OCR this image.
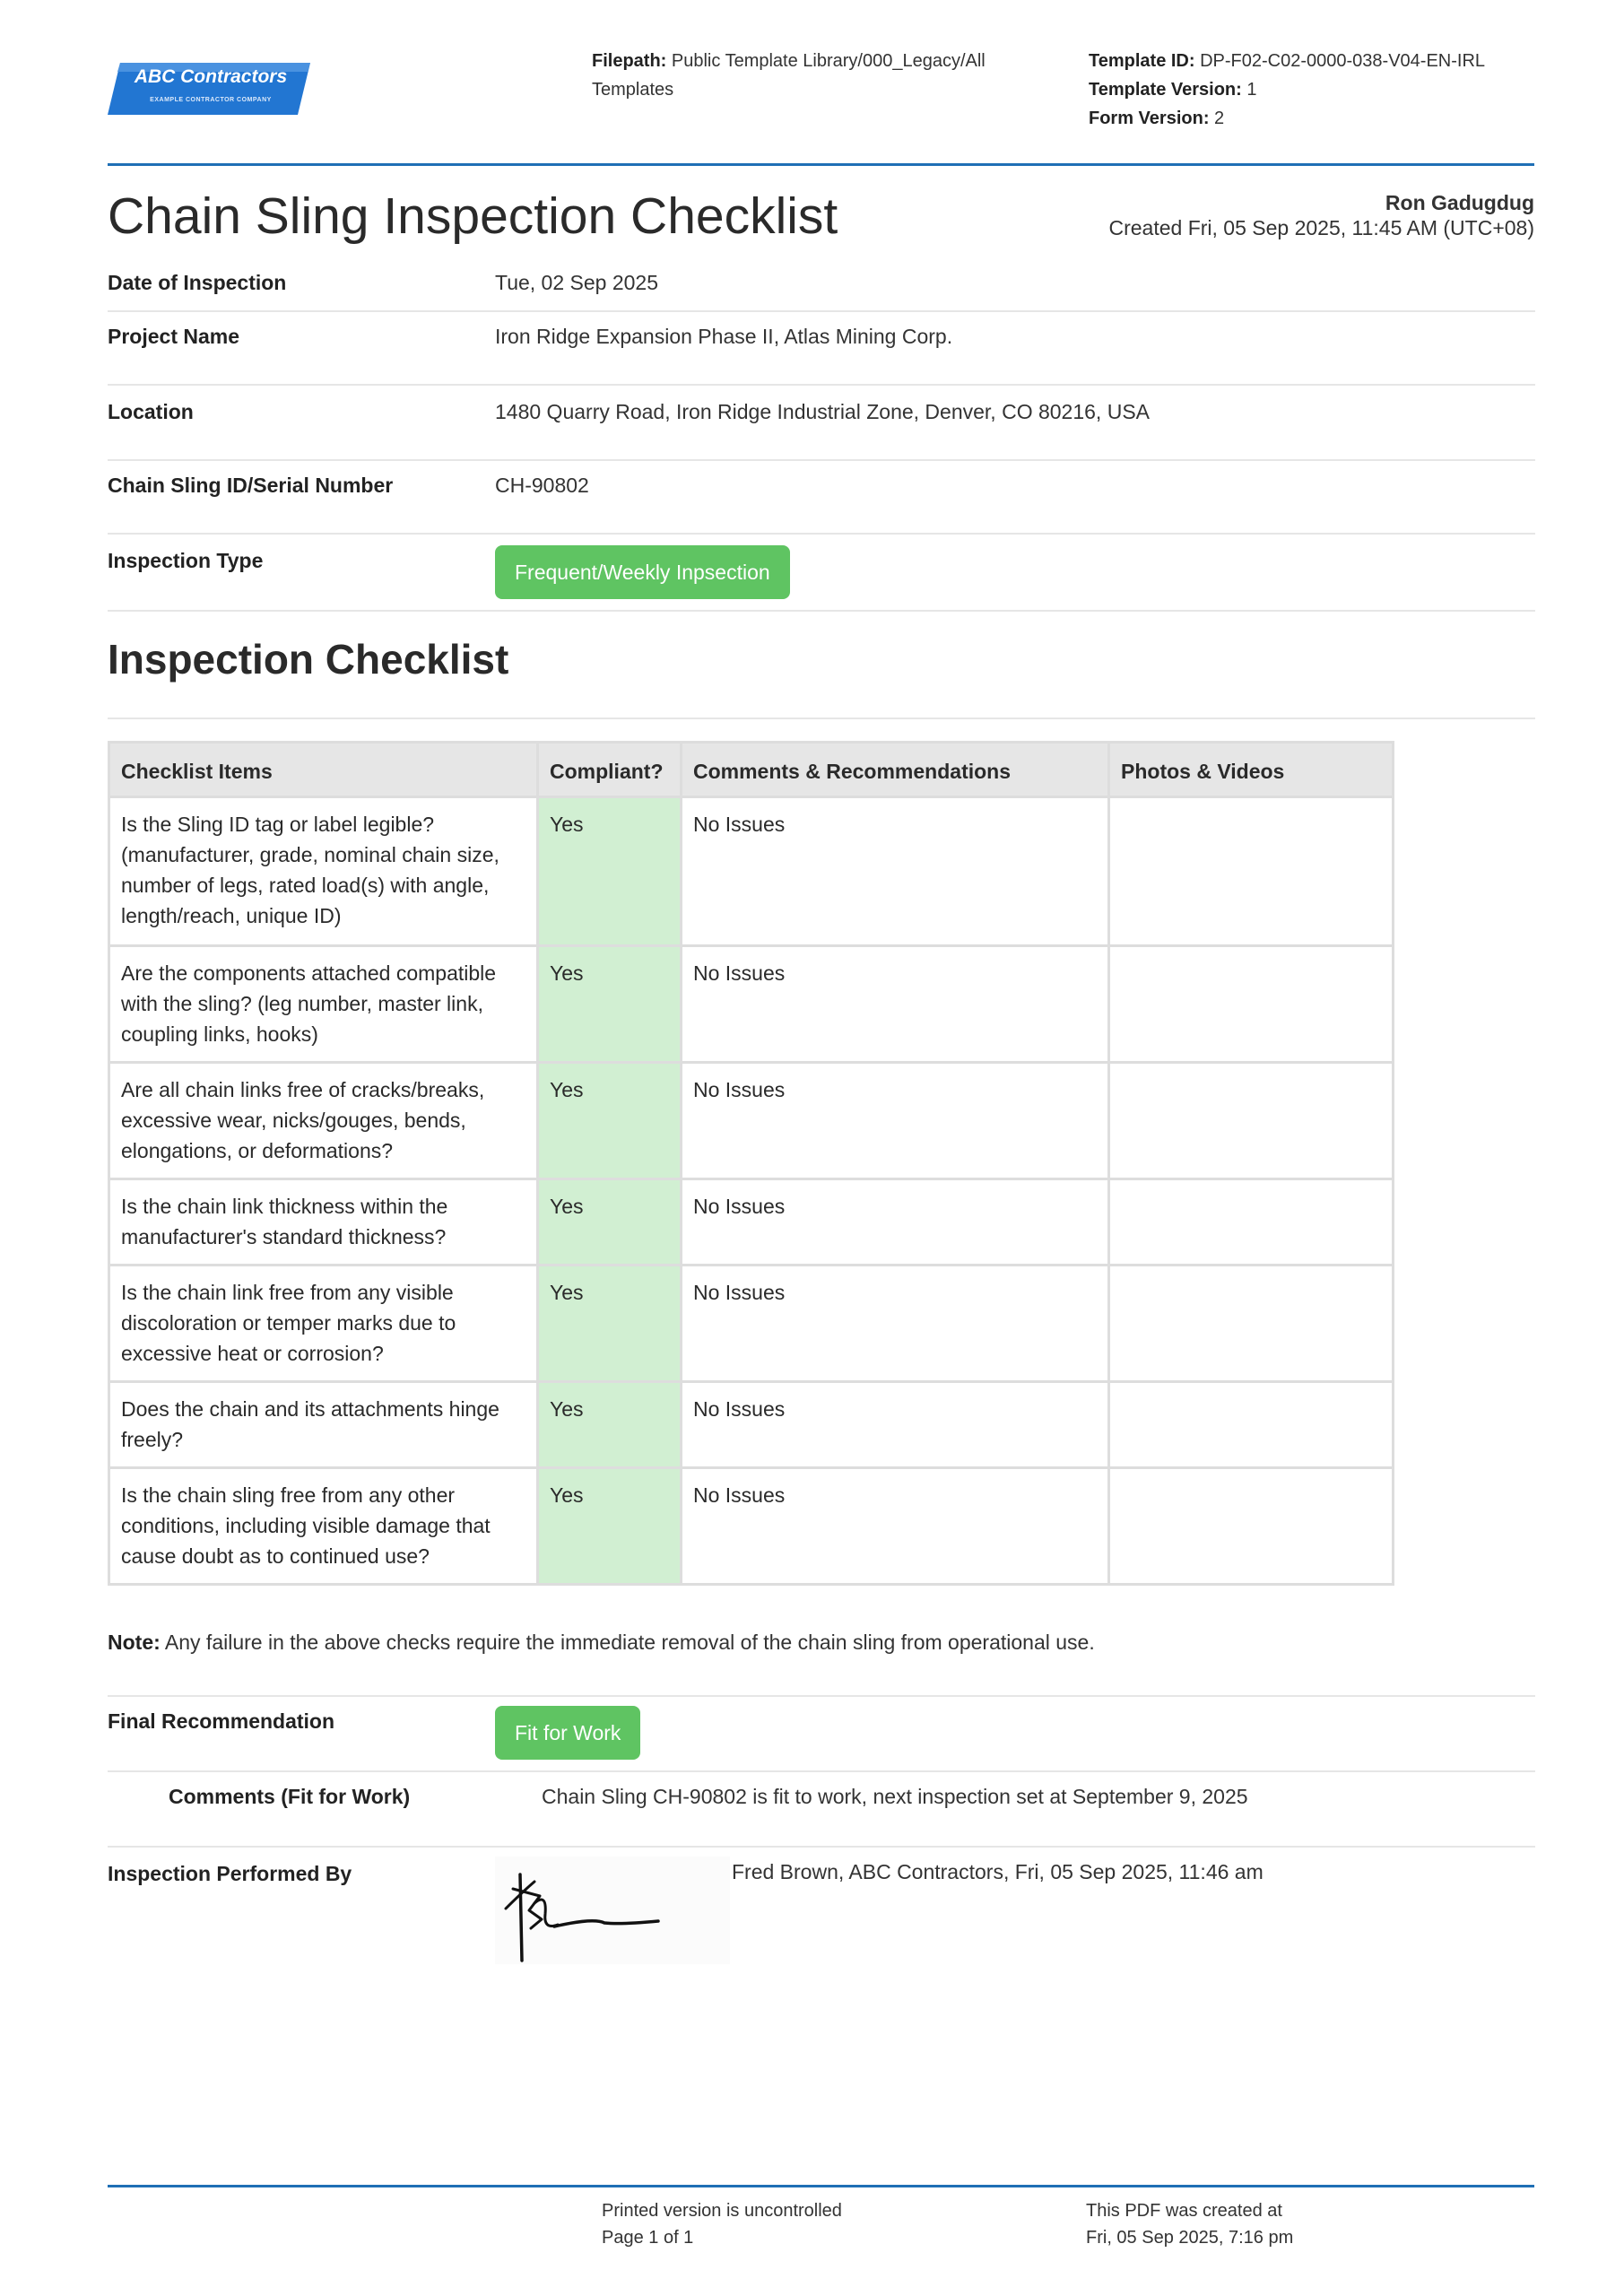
ABC Contractors
EXAMPLE CONTRACTOR COMPANY
Filepath: Public Template Library/000_Legacy/All Templates
Template ID: DP-F02-C02-0000-038-V04-EN-IRL
Template Version: 1
Form Version: 2
Chain Sling Inspection Checklist	Ron Gadugdug
Created Fri, 05 Sep 2025, 11:45 AM (UTC+08)
Date of Inspection	Tue, 02 Sep 2025
Project Name	Iron Ridge Expansion Phase II, Atlas Mining Corp.
Location	1480 Quarry Road, Iron Ridge Industrial Zone, Denver, CO 80216, USA
Chain Sling ID/Serial Number	CH-90802
Inspection Type	Frequent/Weekly Inpsection
Inspection Checklist
Checklist Items	Compliant?	Comments & Recommendations	Photos & Videos
Is the Sling ID tag or label legible? (manufacturer, grade, nominal chain size, number of legs, rated load(s) with angle, length/reach, unique ID)	Yes	No Issues	
Are the components attached compatible with the sling? (leg number, master link, coupling links, hooks)	Yes	No Issues	
Are all chain links free of cracks/breaks, excessive wear, nicks/gouges, bends, elongations, or deformations?	Yes	No Issues	
Is the chain link thickness within the manufacturer's standard thickness?	Yes	No Issues	
Is the chain link free from any visible discoloration or temper marks due to excessive heat or corrosion?	Yes	No Issues	
Does the chain and its attachments hinge freely?	Yes	No Issues	
Is the chain sling free from any other conditions, including visible damage that cause doubt as to continued use?	Yes	No Issues	
Note: Any failure in the above checks require the immediate removal of the chain sling from operational use.
Final Recommendation	Fit for Work
Comments (Fit for Work)	Chain Sling CH-90802 is fit to work, next inspection set at September 9, 2025
Inspection Performed By	Fred Brown, ABC Contractors, Fri, 05 Sep 2025, 11:46 am
Printed version is uncontrolled
Page 1 of 1
This PDF was created at
Fri, 05 Sep 2025, 7:16 pm
